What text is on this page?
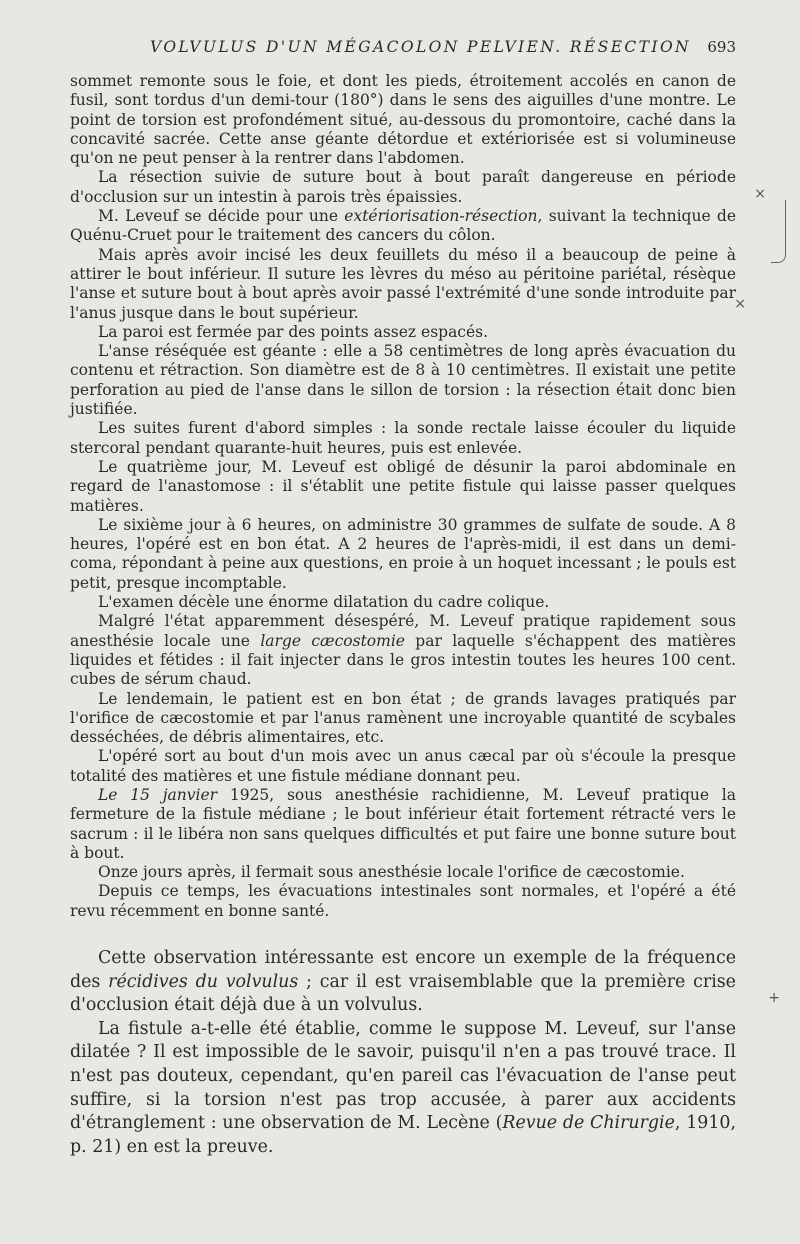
VOLVULUS D'UN MÉGACOLON PELVIEN. RÉSECTION 693

sommet remonte sous le foie, et dont les pieds, étroitement accolés en canon de fusil, sont tordus d'un demi-tour (180°) dans le sens des aiguilles d'une montre. Le point de torsion est profondément situé, au-dessous du promontoire, caché dans la concavité sacrée. Cette anse géante détordue et extériorisée est si volumineuse qu'on ne peut penser à la rentrer dans l'abdomen.

La résection suivie de suture bout à bout paraît dangereuse en période d'occlusion sur un intestin à parois très épaissies.

M. Leveuf se décide pour une extériorisation-résection, suivant la technique de Quénu-Cruet pour le traitement des cancers du côlon.

Mais après avoir incisé les deux feuillets du méso il a beaucoup de peine à attirer le bout inférieur. Il suture les lèvres du méso au péritoine pariétal, résèque l'anse et suture bout à bout après avoir passé l'extrémité d'une sonde introduite par l'anus jusque dans le bout supérieur.

La paroi est fermée par des points assez espacés.

L'anse réséquée est géante : elle a 58 centimètres de long après évacuation du contenu et rétraction. Son diamètre est de 8 à 10 centimètres. Il existait une petite perforation au pied de l'anse dans le sillon de torsion : la résection était donc bien justifiée.

Les suites furent d'abord simples : la sonde rectale laisse écouler du liquide stercoral pendant quarante-huit heures, puis est enlevée.

Le quatrième jour, M. Leveuf est obligé de désunir la paroi abdominale en regard de l'anastomose : il s'établit une petite fistule qui laisse passer quelques matières.

Le sixième jour à 6 heures, on administre 30 grammes de sulfate de soude. A 8 heures, l'opéré est en bon état. A 2 heures de l'après-midi, il est dans un demi-coma, répondant à peine aux questions, en proie à un hoquet incessant ; le pouls est petit, presque incomptable.

L'examen décèle une énorme dilatation du cadre colique.

Malgré l'état apparemment désespéré, M. Leveuf pratique rapidement sous anesthésie locale une large cæcostomie par laquelle s'échappent des matières liquides et fétides : il fait injecter dans le gros intestin toutes les heures 100 cent. cubes de sérum chaud.

Le lendemain, le patient est en bon état ; de grands lavages pratiqués par l'orifice de cæcostomie et par l'anus ramènent une incroyable quantité de scybales desséchées, de débris alimentaires, etc.

L'opéré sort au bout d'un mois avec un anus cæcal par où s'écoule la presque totalité des matières et une fistule médiane donnant peu.

Le 15 janvier 1925, sous anesthésie rachidienne, M. Leveuf pratique la fermeture de la fistule médiane ; le bout inférieur était fortement rétracté vers le sacrum : il le libéra non sans quelques difficultés et put faire une bonne suture bout à bout.

Onze jours après, il fermait sous anesthésie locale l'orifice de cæcostomie.

Depuis ce temps, les évacuations intestinales sont normales, et l'opéré a été revu récemment en bonne santé.

Cette observation intéressante est encore un exemple de la fréquence des récidives du volvulus ; car il est vraisemblable que la première crise d'occlusion était déjà due à un volvulus.

La fistule a-t-elle été établie, comme le suppose M. Leveuf, sur l'anse dilatée ? Il est impossible de le savoir, puisqu'il n'en a pas trouvé trace. Il n'est pas douteux, cependant, qu'en pareil cas l'évacuation de l'anse peut suffire, si la torsion n'est pas trop accusée, à parer aux accidents d'étranglement : une observation de M. Lecène (Revue de Chirurgie, 1910, p. 21) en est la preuve.

×
×
+
